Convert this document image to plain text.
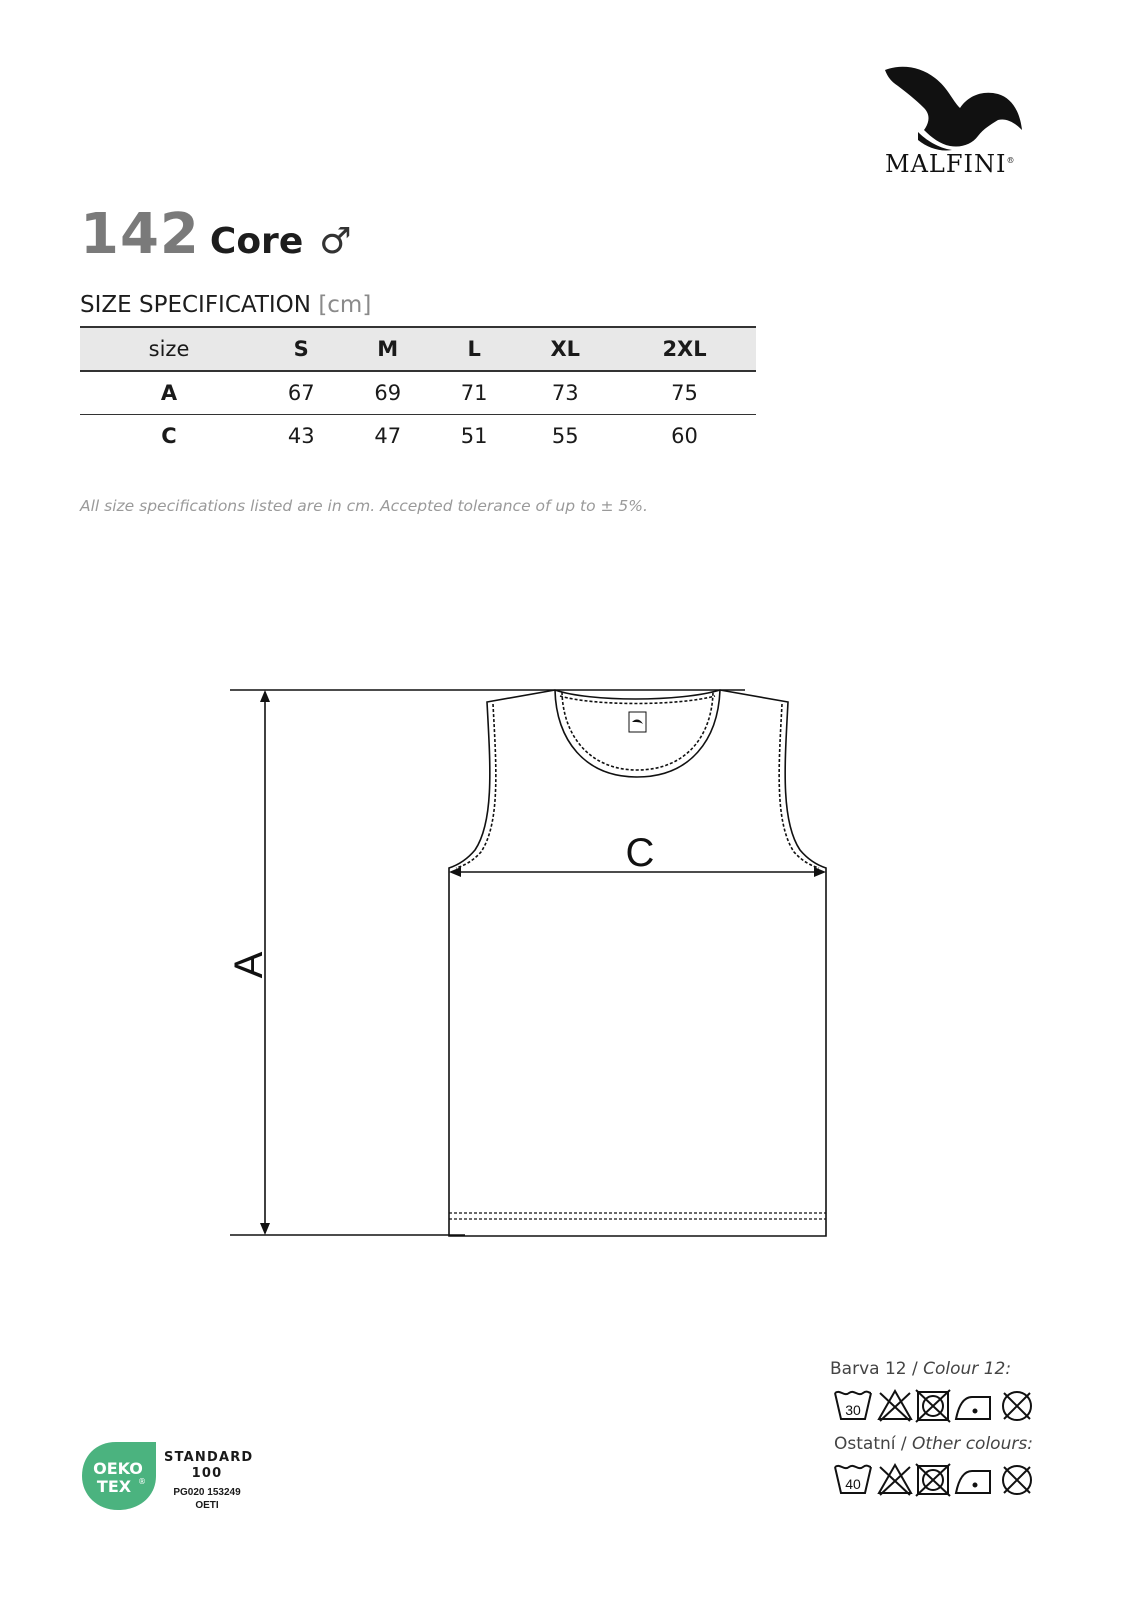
MALFINI®
142 Core ♂
SIZE SPECIFICATION [cm]
size	S	M	L	XL	2XL
A	67	69	71	73	75
C	43	47	51	55	60
All size specifications listed are in cm. Accepted tolerance of up to ± 5%.
C
A
Barva 12 / Colour 12:
30
Ostatní / Other colours:
40
OEKO
TEX ®
STANDARD
100
PG020 153249
OETI
